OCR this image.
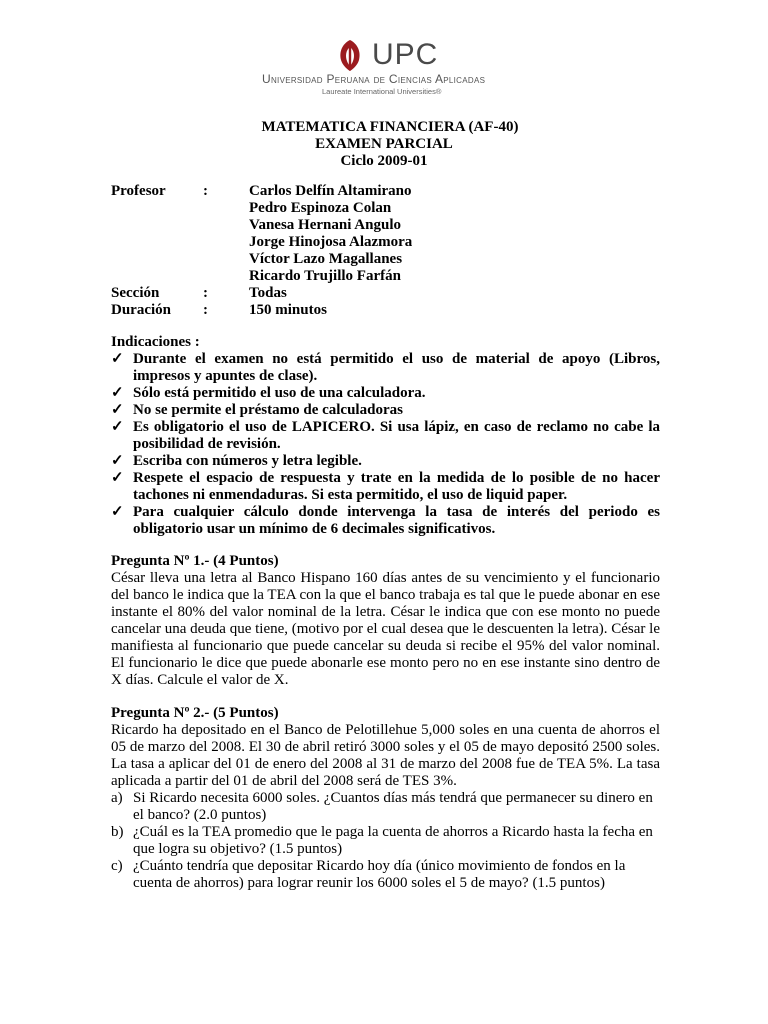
UPC
Universidad Peruana de Ciencias Aplicadas
Laureate International Universities®
MATEMATICA FINANCIERA (AF-40)
EXAMEN PARCIAL
Ciclo 2009-01
Profesor	:	Carlos Delfín Altamirano
Pedro Espinoza Colan
Vanesa Hernani Angulo
Jorge Hinojosa Alazmora
Víctor Lazo Magallanes
Ricardo Trujillo Farfán
Sección	:	Todas
Duración	:	150 minutos
Indicaciones :
✓ Durante el examen no está permitido el uso de material de apoyo (Libros, impresos y apuntes de clase).
✓ Sólo está permitido el uso de una calculadora.
✓ No se permite el préstamo de calculadoras
✓ Es obligatorio el uso de LAPICERO. Si usa lápiz, en caso de reclamo no cabe la posibilidad de revisión.
✓ Escriba con números y letra legible.
✓ Respete el espacio de respuesta y trate en la medida de lo posible de no hacer tachones ni enmendaduras. Si esta permitido, el uso de liquid paper.
✓ Para cualquier cálculo donde intervenga la tasa de interés del periodo es obligatorio usar un mínimo de 6 decimales significativos.
Pregunta Nº 1.- (4 Puntos)

César lleva una letra al Banco Hispano 160 días antes de su vencimiento y el funcionario del banco le indica que la TEA con la que el banco trabaja es tal que le puede abonar en ese instante el 80% del valor nominal de la letra. César le indica que con ese monto no puede cancelar una deuda que tiene, (motivo por el cual desea que le descuenten la letra). César le manifiesta al funcionario que puede cancelar su deuda si recibe el 95% del valor nominal. El funcionario le dice que puede abonarle ese monto pero no en ese instante sino dentro de X días. Calcule el valor de X.

Pregunta Nº 2.- (5 Puntos)

Ricardo ha depositado en el Banco de Pelotillehue 5,000 soles en una cuenta de ahorros el 05 de marzo del 2008. El 30 de abril retiró 3000 soles y el 05 de mayo depositó 2500 soles. La tasa a aplicar del 01 de enero del 2008 al 31 de marzo del 2008 fue de TEA 5%. La tasa aplicada a partir del 01 de abril del 2008 será de TES 3%.

a) Si Ricardo necesita 6000 soles. ¿Cuantos días más tendrá que permanecer su dinero en el banco? (2.0 puntos)
b) ¿Cuál es la TEA promedio que le paga la cuenta de ahorros a Ricardo hasta la fecha en que logra su objetivo? (1.5 puntos)
c) ¿Cuánto tendría que depositar Ricardo hoy día (único movimiento de fondos en la cuenta de ahorros) para lograr reunir los 6000 soles el 5 de mayo? (1.5 puntos)
